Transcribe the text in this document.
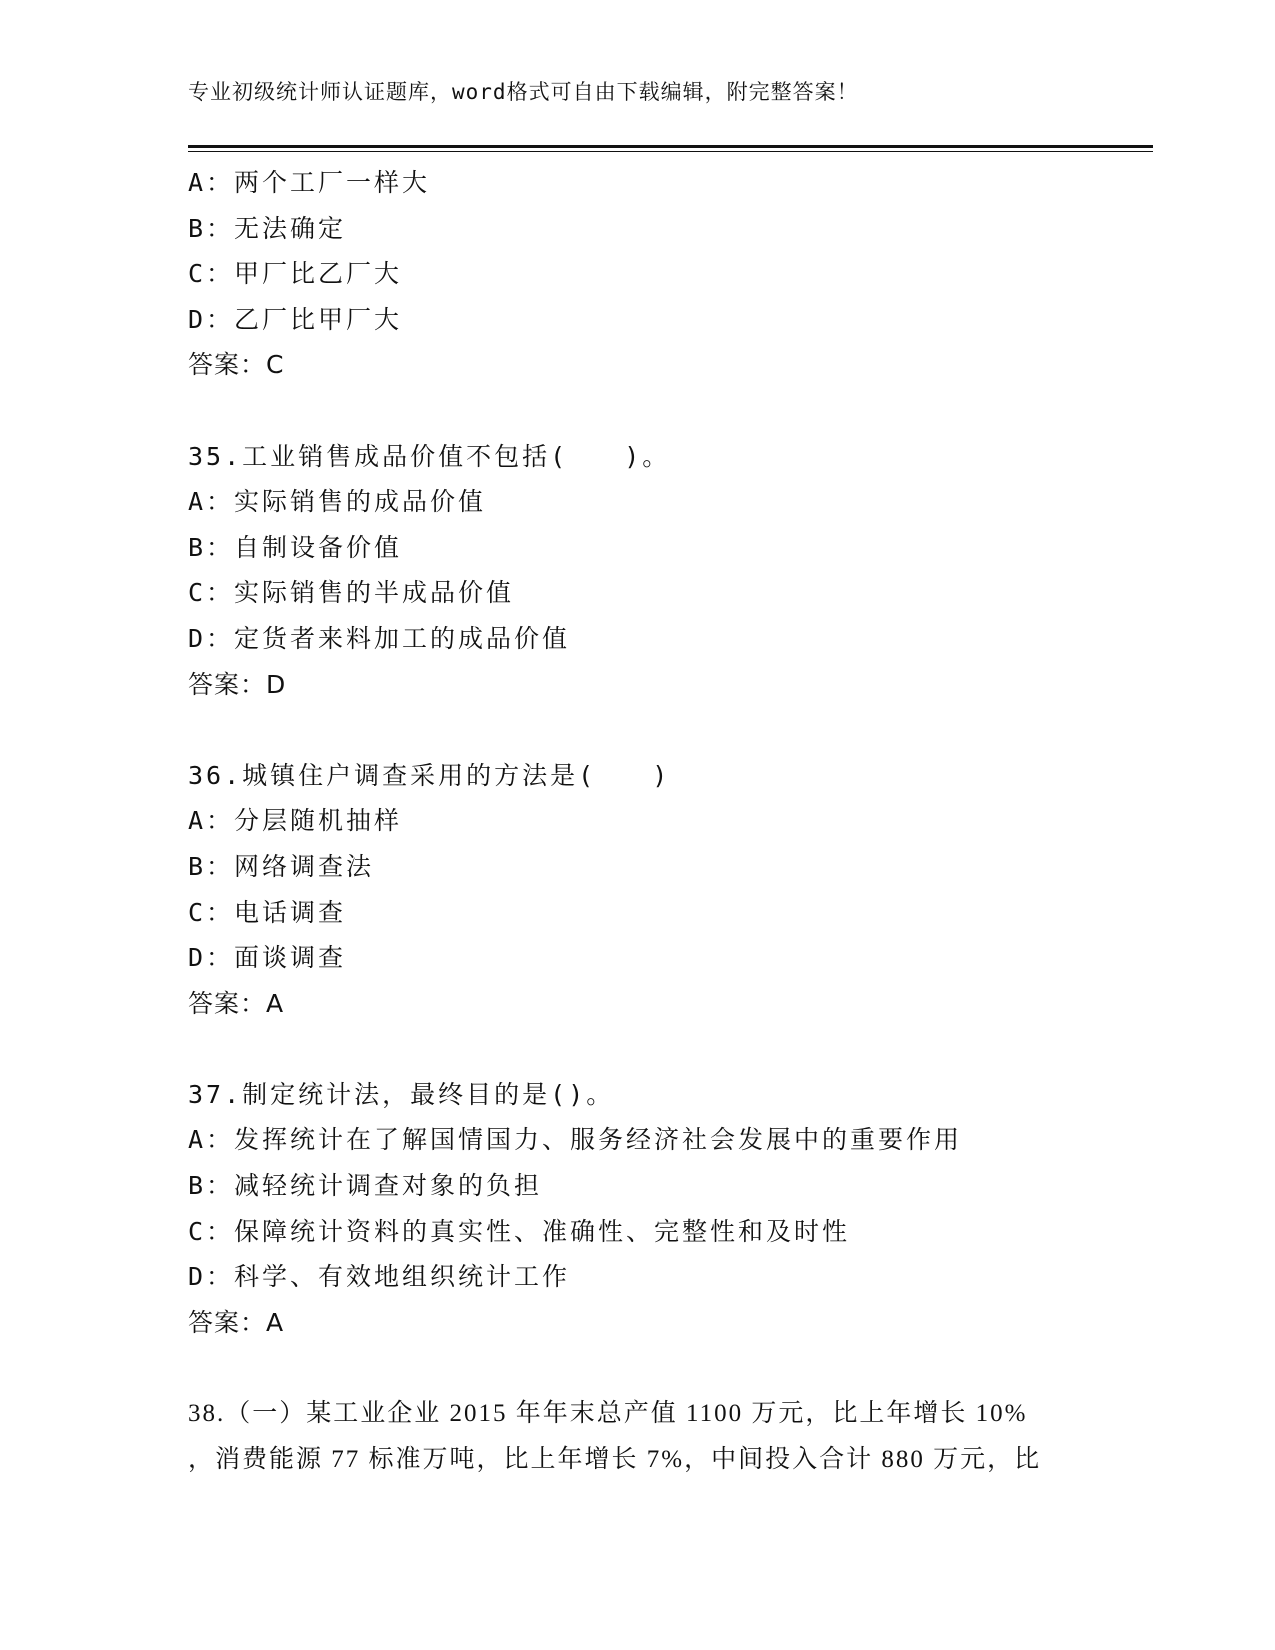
专业初级统计师认证题库，word格式可自由下载编辑，附完整答案！
A：两个工厂一样大
B：无法确定
C：甲厂比乙厂大
D：乙厂比甲厂大
答案：C
35.工业销售成品价值不包括(　　)。
A：实际销售的成品价值
B：自制设备价值
C：实际销售的半成品价值
D：定货者来料加工的成品价值
答案：D
36.城镇住户调查采用的方法是(　　)
A：分层随机抽样
B：网络调查法
C：电话调查
D：面谈调查
答案：A
37.制定统计法，最终目的是()。
A：发挥统计在了解国情国力、服务经济社会发展中的重要作用
B：减轻统计调查对象的负担
C：保障统计资料的真实性、准确性、完整性和及时性
D：科学、有效地组织统计工作
答案：A
38.（一）某工业企业 2015 年年末总产值 1100 万元，比上年增长 10%
，消费能源 77 标准万吨，比上年增长 7%，中间投入合计 880 万元，比
